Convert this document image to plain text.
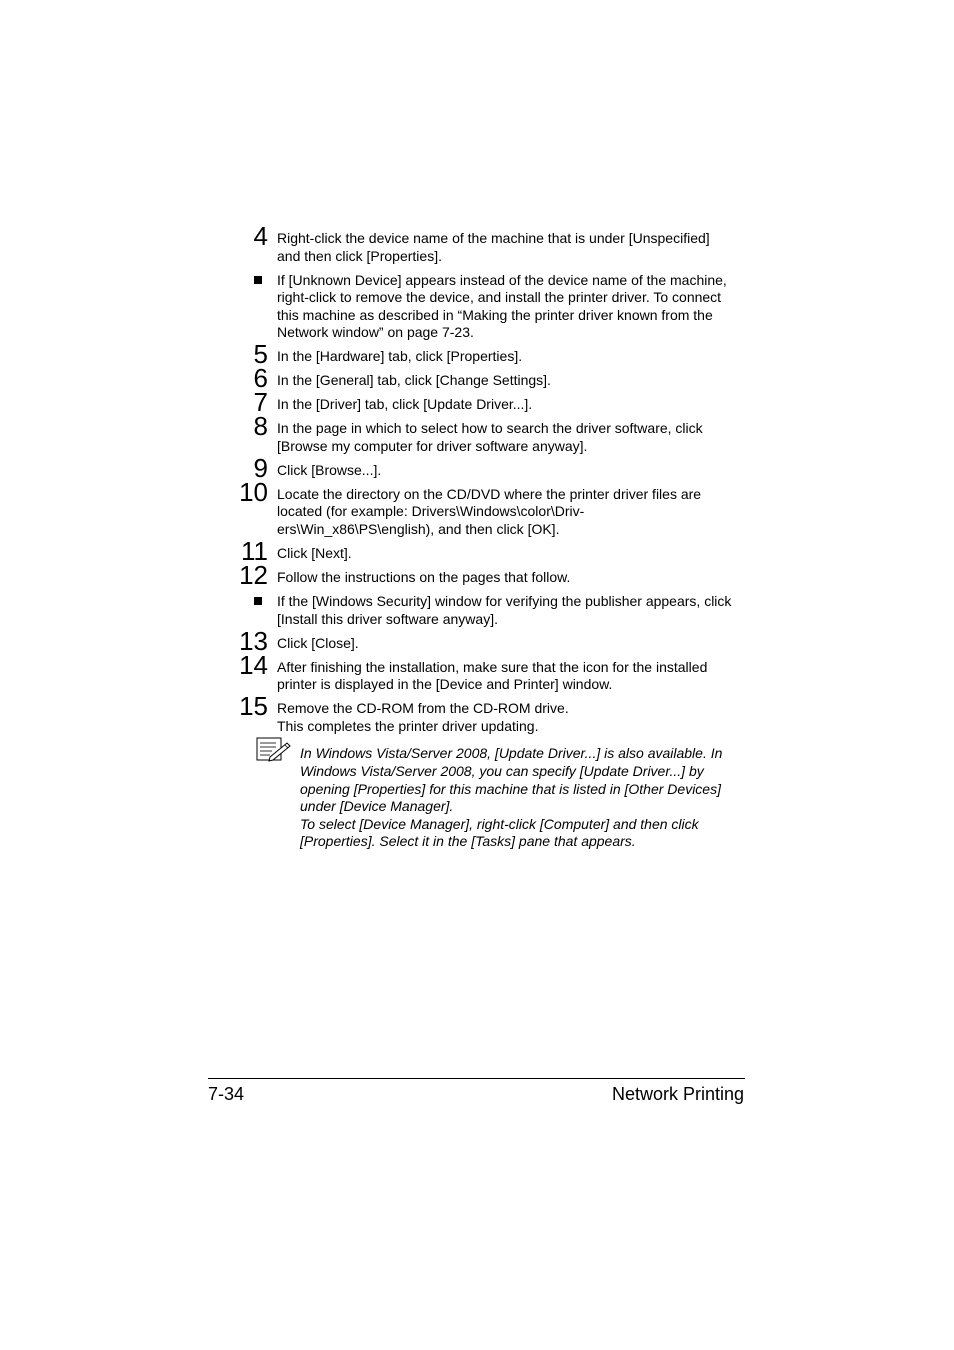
4 Right-click the device name of the machine that is under [Unspecified]
and then click [Properties].
If [Unknown Device] appears instead of the device name of the machine,
right-click to remove the device, and install the printer driver. To connect
this machine as described in “Making the printer driver known from the
Network window” on page 7-23.
5 In the [Hardware] tab, click [Properties].
6 In the [General] tab, click [Change Settings].
7 In the [Driver] tab, click [Update Driver...].
8 In the page in which to select how to search the driver software, click
[Browse my computer for driver software anyway].
9 Click [Browse...].
10 Locate the directory on the CD/DVD where the printer driver files are
located (for example: Drivers\Windows\color\Driv-
ers\Win_x86\PS\english), and then click [OK].
11 Click [Next].
12 Follow the instructions on the pages that follow.
If the [Windows Security] window for verifying the publisher appears, click
[Install this driver software anyway].
13 Click [Close].
14 After finishing the installation, make sure that the icon for the installed
printer is displayed in the [Device and Printer] window.
15 Remove the CD-ROM from the CD-ROM drive.
This completes the printer driver updating.
In Windows Vista/Server 2008, [Update Driver...] is also available. In
Windows Vista/Server 2008, you can specify [Update Driver...] by
opening [Properties] for this machine that is listed in [Other Devices]
under [Device Manager].
To select [Device Manager], right-click [Computer] and then click
[Properties]. Select it in the [Tasks] pane that appears.
7-34	Network Printing
